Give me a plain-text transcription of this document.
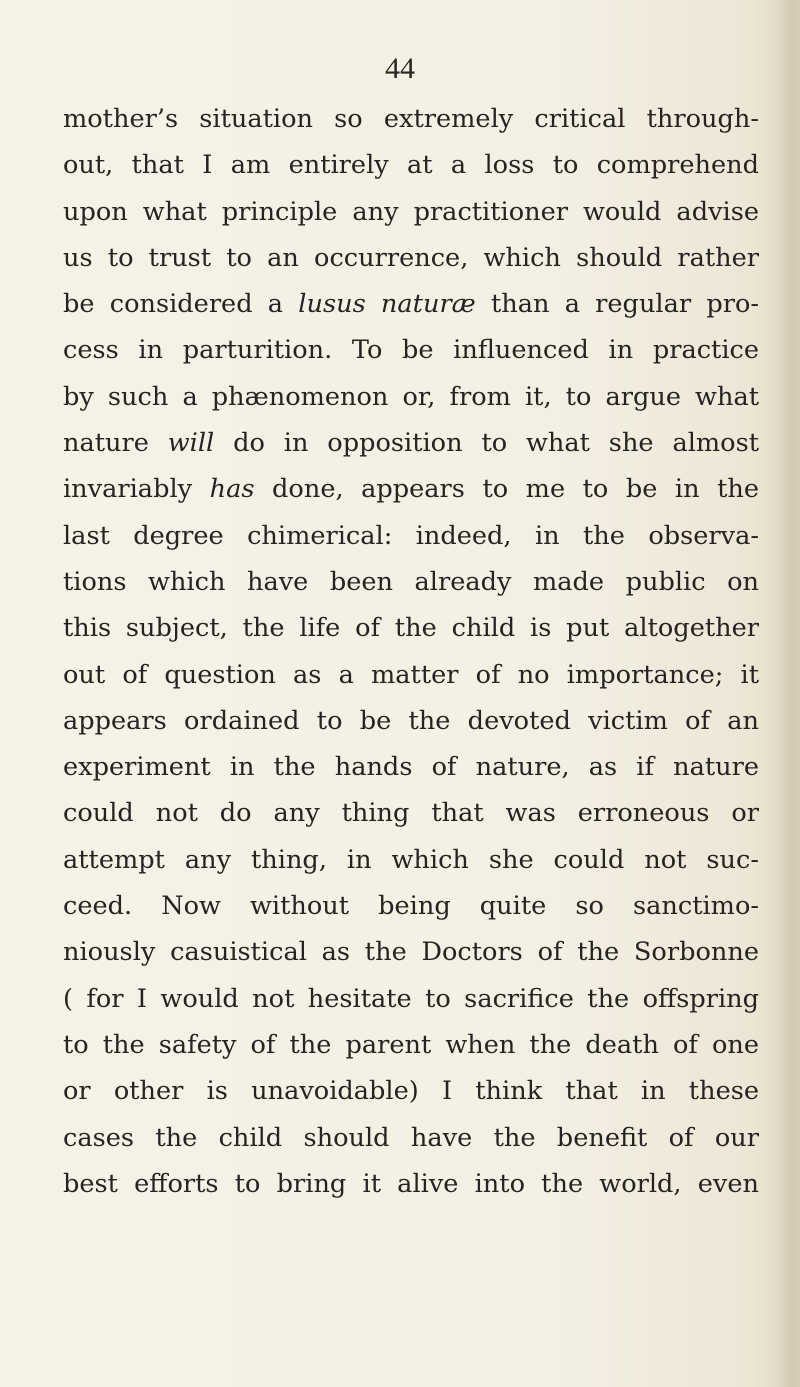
44
mother’s situation so extremely critical through-
out, that I am entirely at a loss to comprehend
upon what principle any practitioner would advise
us to trust to an occurrence, which should rather
be considered a lusus naturæ than a regular pro-
cess in parturition. To be influenced in practice
by such a phænomenon or, from it, to argue what
nature will do in opposition to what she almost
invariably has done, appears to me to be in the
last degree chimerical: indeed, in the observa-
tions which have been already made public on
this subject, the life of the child is put altogether
out of question as a matter of no importance; it
appears ordained to be the devoted victim of an
experiment in the hands of nature, as if nature
could not do any thing that was erroneous or
attempt any thing, in which she could not suc-
ceed. Now without being quite so sanctimo-
niously casuistical as the Doctors of the Sorbonne
( for I would not hesitate to sacrifice the offspring
to the safety of the parent when the death of one
or other is unavoidable) I think that in these
cases the child should have the benefit of our
best efforts to bring it alive into the world, even
